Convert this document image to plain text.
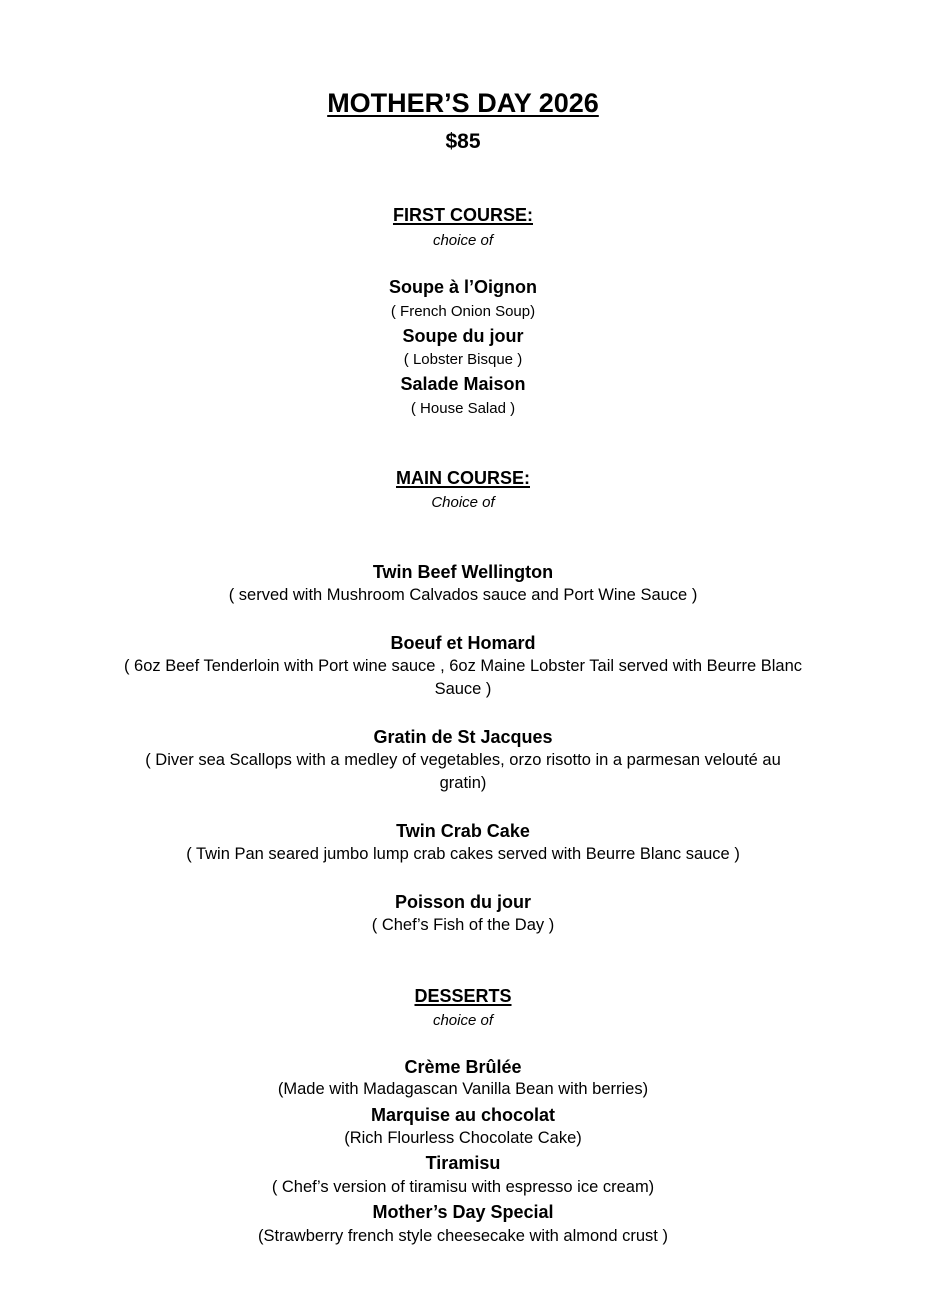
MOTHER’S DAY 2026
$85
FIRST COURSE:
choice of
Soupe à l’Oignon
( French Onion Soup)
Soupe du jour
( Lobster Bisque )
Salade Maison
( House Salad )
MAIN COURSE:
Choice of
Twin Beef Wellington
( served with Mushroom Calvados sauce and Port Wine Sauce )
Boeuf et Homard
( 6oz Beef Tenderloin with Port wine sauce , 6oz Maine Lobster Tail served with Beurre Blanc
Sauce )
Gratin de St Jacques
( Diver sea Scallops with a medley of vegetables, orzo risotto in a parmesan velouté au
gratin)
Twin Crab Cake
( Twin Pan seared jumbo lump crab cakes served with Beurre Blanc sauce )
Poisson du jour
( Chef’s Fish of the Day )
DESSERTS
choice of
Crème Brûlée
(Made with Madagascan Vanilla Bean with berries)
Marquise au chocolat
(Rich Flourless Chocolate Cake)
Tiramisu
( Chef’s version of tiramisu with espresso ice cream)
Mother’s Day Special
(Strawberry french style cheesecake with almond crust )
